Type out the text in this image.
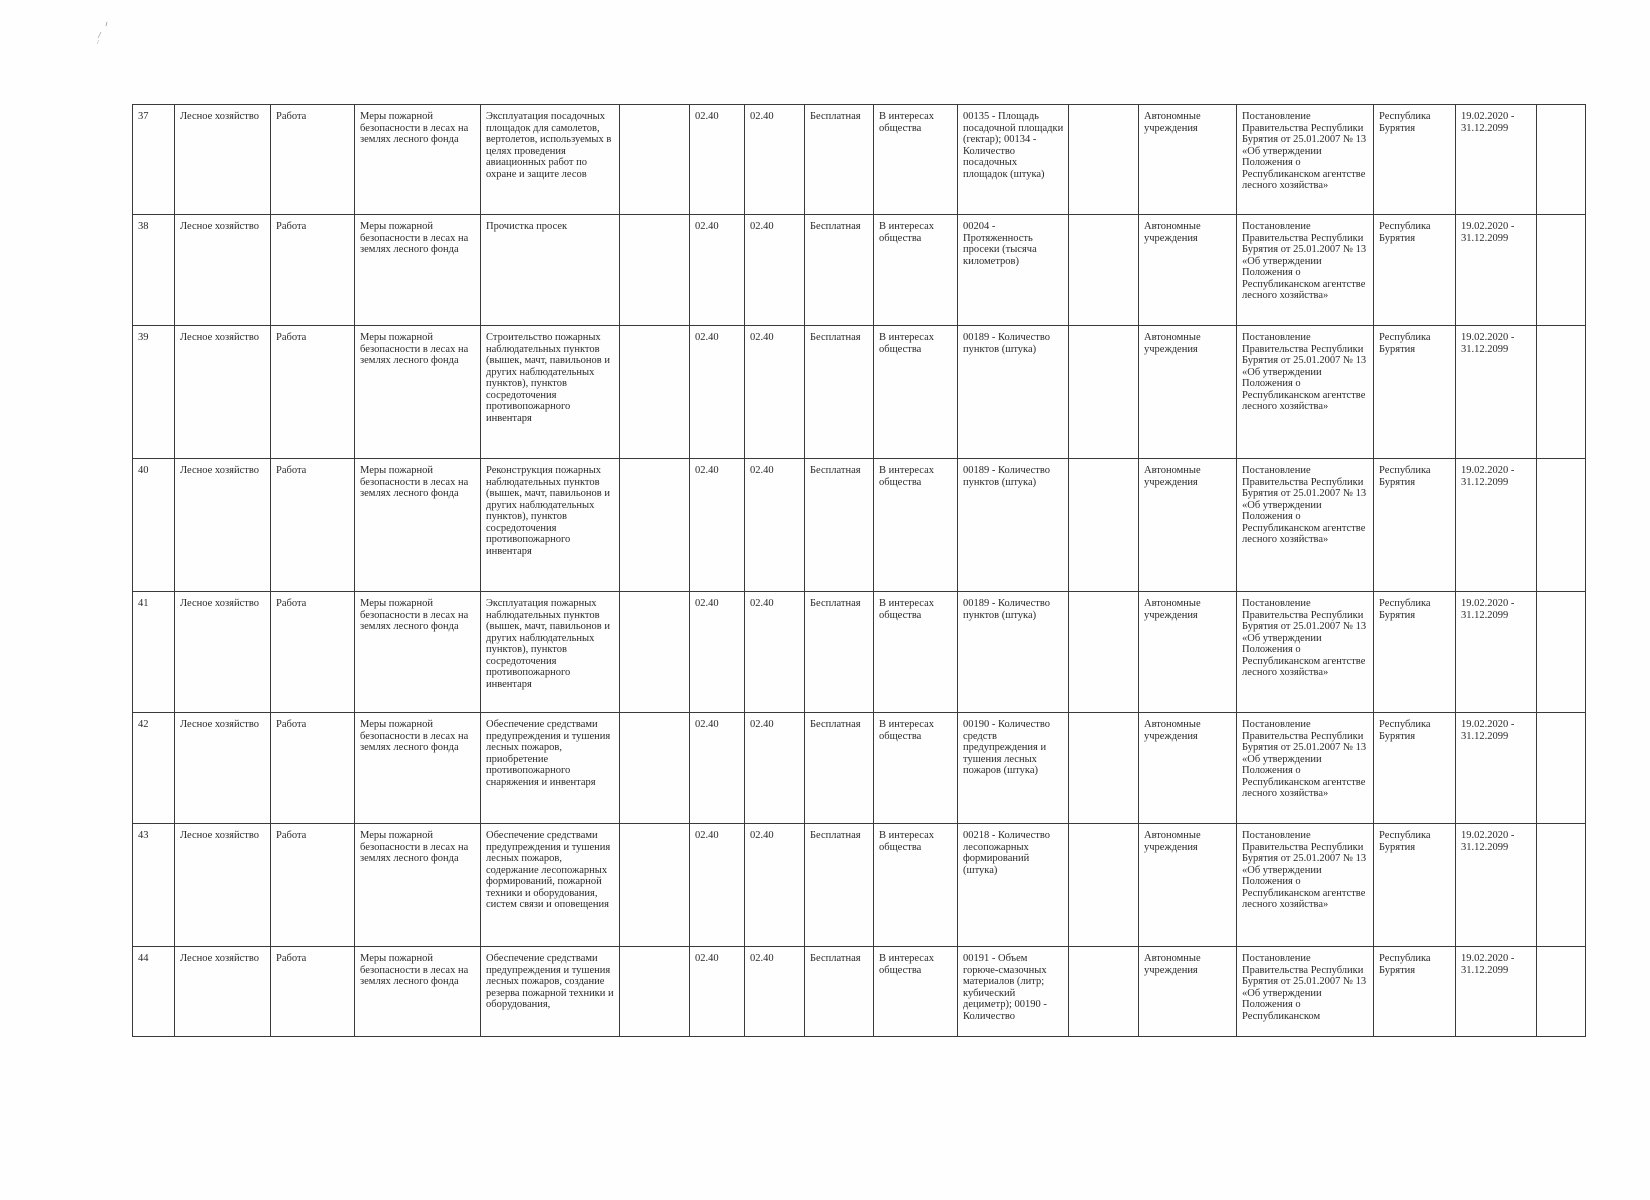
37	Лесное хозяйство	Работа	Меры пожарной безопасности в лесах на землях лесного фонда	Эксплуатация посадочных площадок для самолетов, вертолетов, используемых в целях проведения авиационных работ по охране и защите лесов		02.40	02.40	Бесплатная	В интересах общества	00135 - Площадь посадочной площадки (гектар); 00134 - Количество посадочных площадок (штука)		Автономные учреждения	Постановление Правительства Республики Бурятия от 25.01.2007 № 13 «Об утверждении Положения о Республиканском агентстве лесного хозяйства»	Республика Бурятия	19.02.2020 - 31.12.2099	
38	Лесное хозяйство	Работа	Меры пожарной безопасности в лесах на землях лесного фонда	Прочистка просек		02.40	02.40	Бесплатная	В интересах общества	00204 - Протяженность просеки (тысяча километров)		Автономные учреждения	Постановление Правительства Республики Бурятия от 25.01.2007 № 13 «Об утверждении Положения о Республиканском агентстве лесного хозяйства»	Республика Бурятия	19.02.2020 - 31.12.2099	
39	Лесное хозяйство	Работа	Меры пожарной безопасности в лесах на землях лесного фонда	Строительство пожарных наблюдательных пунктов (вышек, мачт, павильонов и других наблюдательных пунктов), пунктов сосредоточения противопожарного инвентаря		02.40	02.40	Бесплатная	В интересах общества	00189 - Количество пунктов (штука)		Автономные учреждения	Постановление Правительства Республики Бурятия от 25.01.2007 № 13 «Об утверждении Положения о Республиканском агентстве лесного хозяйства»	Республика Бурятия	19.02.2020 - 31.12.2099	
40	Лесное хозяйство	Работа	Меры пожарной безопасности в лесах на землях лесного фонда	Реконструкция пожарных наблюдательных пунктов (вышек, мачт, павильонов и других наблюдательных пунктов), пунктов сосредоточения противопожарного инвентаря		02.40	02.40	Бесплатная	В интересах общества	00189 - Количество пунктов (штука)		Автономные учреждения	Постановление Правительства Республики Бурятия от 25.01.2007 № 13 «Об утверждении Положения о Республиканском агентстве лесного хозяйства»	Республика Бурятия	19.02.2020 - 31.12.2099	
41	Лесное хозяйство	Работа	Меры пожарной безопасности в лесах на землях лесного фонда	Эксплуатация пожарных наблюдательных пунктов (вышек, мачт, павильонов и других наблюдательных пунктов), пунктов сосредоточения противопожарного инвентаря		02.40	02.40	Бесплатная	В интересах общества	00189 - Количество пунктов (штука)		Автономные учреждения	Постановление Правительства Республики Бурятия от 25.01.2007 № 13 «Об утверждении Положения о Республиканском агентстве лесного хозяйства»	Республика Бурятия	19.02.2020 - 31.12.2099	
42	Лесное хозяйство	Работа	Меры пожарной безопасности в лесах на землях лесного фонда	Обеспечение средствами предупреждения и тушения лесных пожаров, приобретение противопожарного снаряжения и инвентаря		02.40	02.40	Бесплатная	В интересах общества	00190 - Количество средств предупреждения и тушения лесных пожаров (штука)		Автономные учреждения	Постановление Правительства Республики Бурятия от 25.01.2007 № 13 «Об утверждении Положения о Республиканском агентстве лесного хозяйства»	Республика Бурятия	19.02.2020 - 31.12.2099	
43	Лесное хозяйство	Работа	Меры пожарной безопасности в лесах на землях лесного фонда	Обеспечение средствами предупреждения и тушения лесных пожаров, содержание лесопожарных формирований, пожарной техники и оборудования, систем связи и оповещения		02.40	02.40	Бесплатная	В интересах общества	00218 - Количество лесопожарных формирований (штука)		Автономные учреждения	Постановление Правительства Республики Бурятия от 25.01.2007 № 13 «Об утверждении Положения о Республиканском агентстве лесного хозяйства»	Республика Бурятия	19.02.2020 - 31.12.2099	
44	Лесное хозяйство	Работа	Меры пожарной безопасности в лесах на землях лесного фонда	Обеспечение средствами предупреждения и тушения лесных пожаров, создание резерва пожарной техники и оборудования,		02.40	02.40	Бесплатная	В интересах общества	00191 - Объем горюче-смазочных материалов (литр; кубический дециметр); 00190 - Количество		Автономные учреждения	Постановление Правительства Республики Бурятия от 25.01.2007 № 13 «Об утверждении Положения о Республиканском	Республика Бурятия	19.02.2020 - 31.12.2099	
